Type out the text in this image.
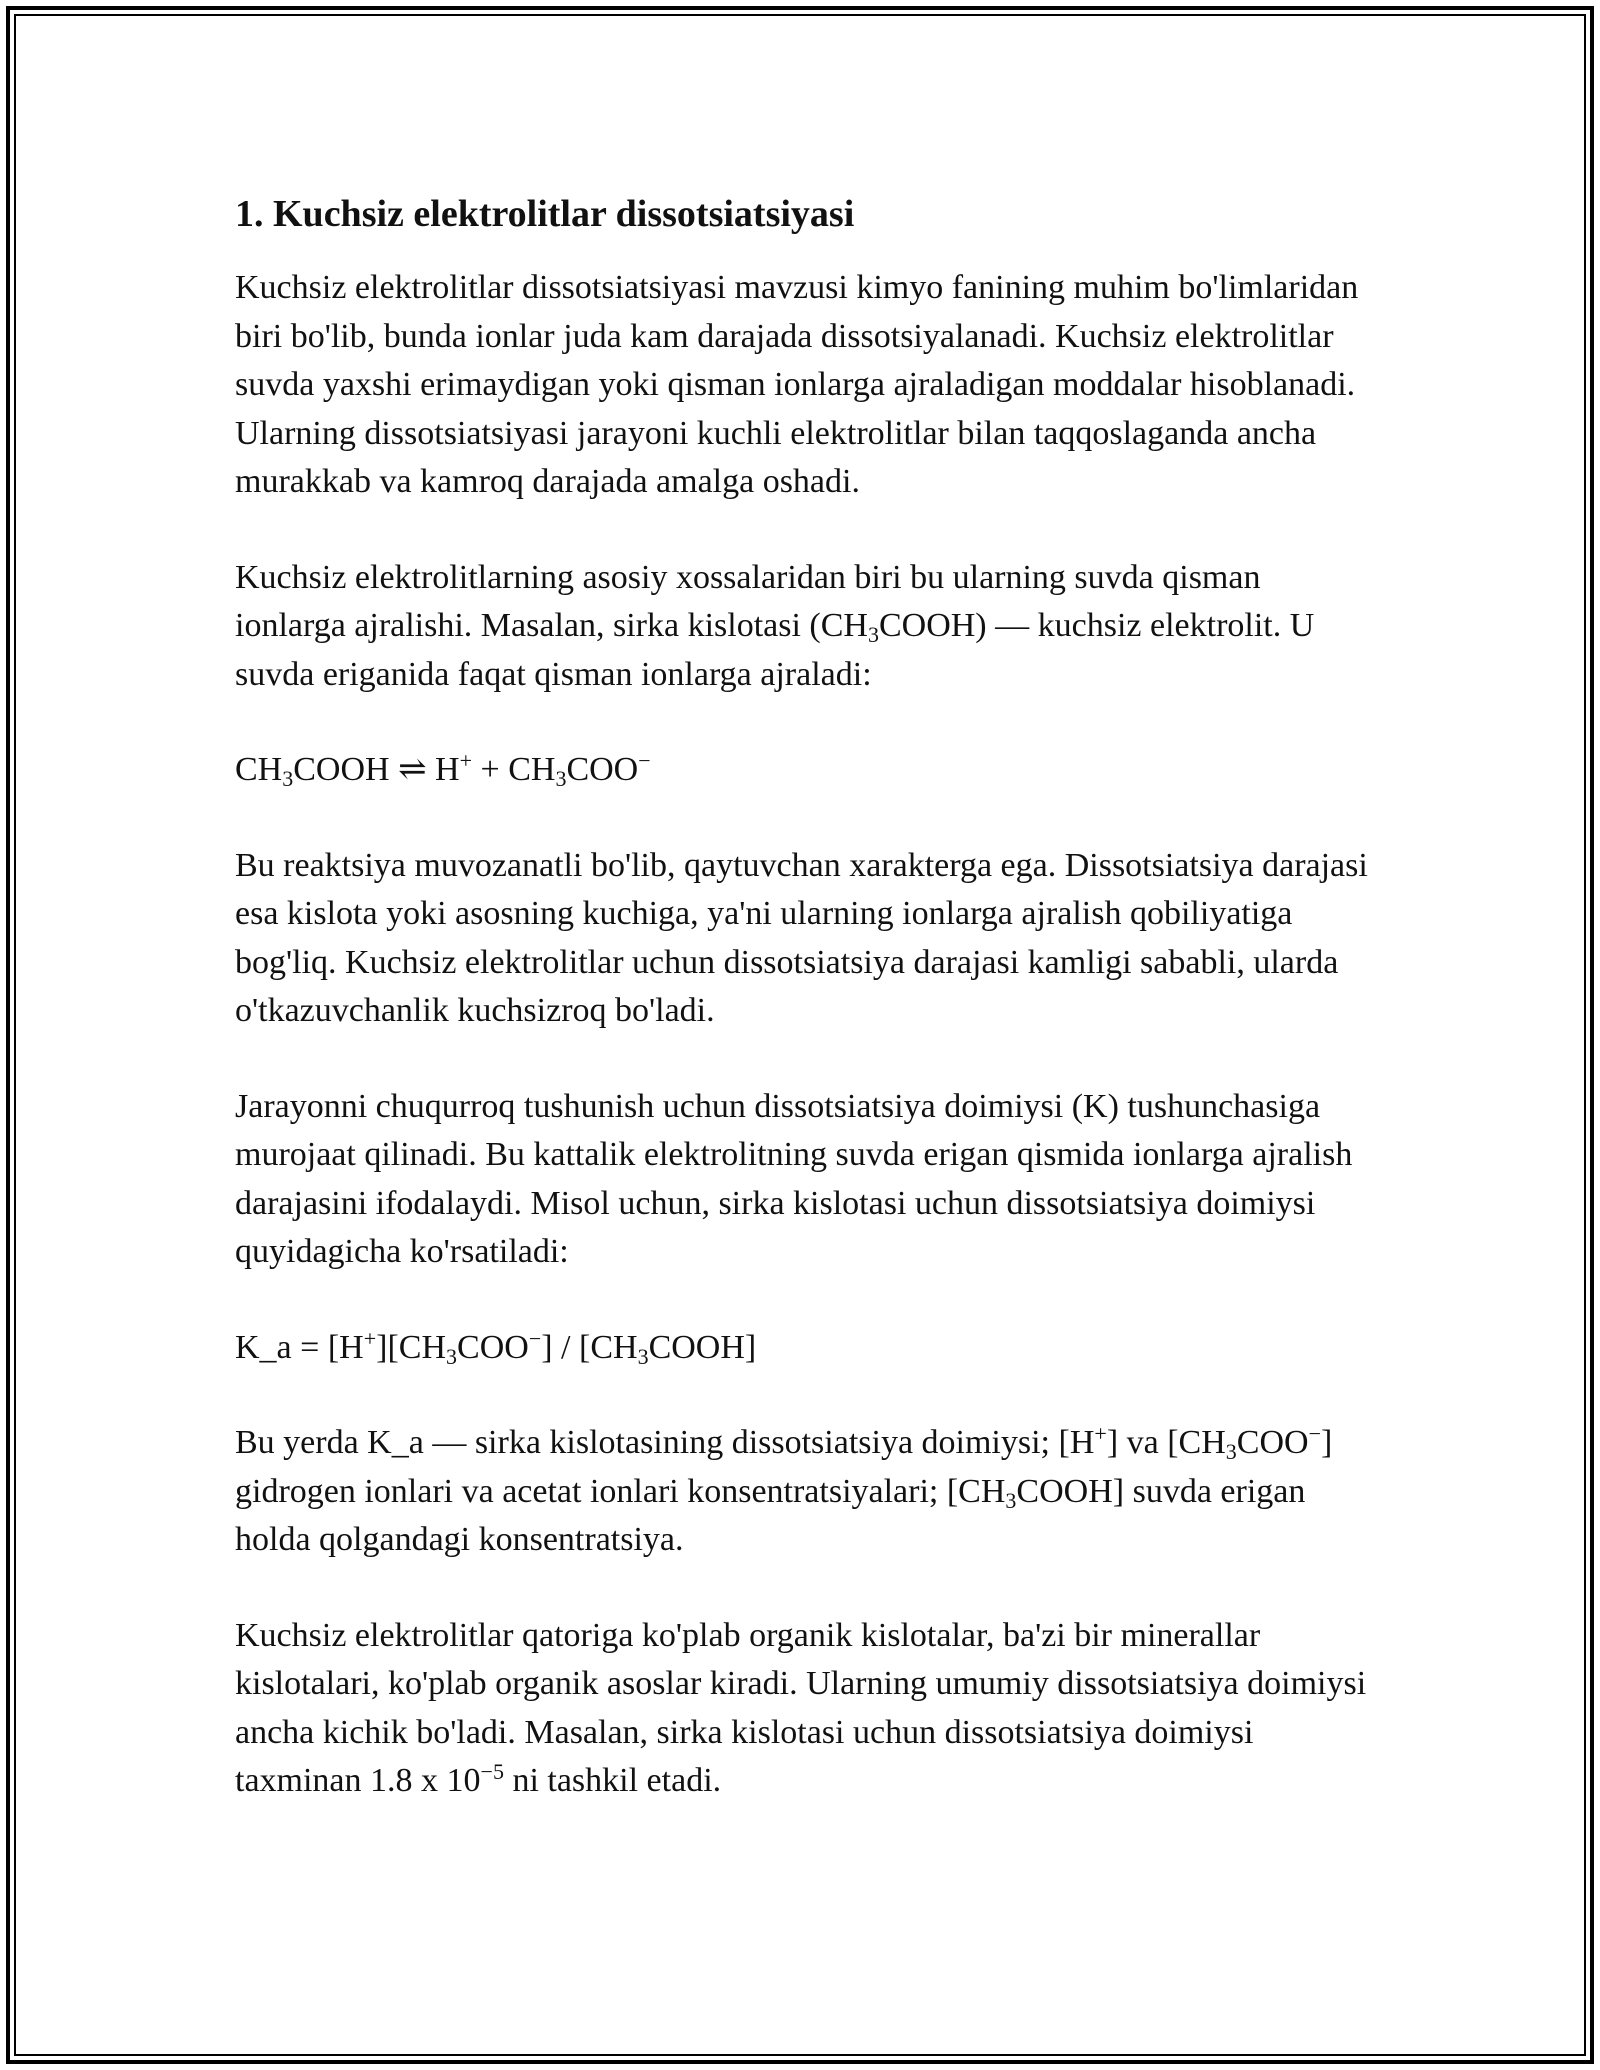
1. Kuchsiz elektrolitlar dissotsiatsiyasi

Kuchsiz elektrolitlar dissotsiatsiyasi mavzusi kimyo fanining muhim bo'limlaridan biri bo'lib, bunda ionlar juda kam darajada dissotsiyalanadi. Kuchsiz elektrolitlar suvda yaxshi erimaydigan yoki qisman ionlarga ajraladigan moddalar hisoblanadi. Ularning dissotsiatsiyasi jarayoni kuchli elektrolitlar bilan taqqoslaganda ancha murakkab va kamroq darajada amalga oshadi.

Kuchsiz elektrolitlarning asosiy xossalaridan biri bu ularning suvda qisman ionlarga ajralishi. Masalan, sirka kislotasi $(CH_3COOH)$ — kuchsiz elektrolit. U suvda eriganida faqat qisman ionlarga ajraladi:

$CH_3COOH$ ⇌ $H^+ + CH_3COO^-$

Bu reaktsiya muvozanatli bo'lib, qaytuvchan xarakterga ega. Dissotsiatsiya darajasi esa kislota yoki asosning kuchiga, ya'ni ularning ionlarga ajralish qobiliyatiga bog'liq. Kuchsiz elektrolitlar uchun dissotsiatsiya darajasi kamligi sababli, ularda o'tkazuvchanlik kuchsizroq bo'ladi.

Jarayonni chuqurroq tushunish uchun dissotsiatsiya doimiysi (K) tushunchasiga murojaat qilinadi. Bu kattalik elektrolitning suvda erigan qismida ionlarga ajralish darajasini ifodalaydi. Misol uchun, sirka kislotasi uchun dissotsiatsiya doimiysi quyidagicha ko'rsatiladi:

K_a = $[H^+][CH_3COO^-]$ / $[CH_3COOH]$

Bu yerda K_a — sirka kislotasining dissotsiatsiya doimiysi; [H+] va $[CH_3COO^-]$ gidrogen ionlari va acetat ionlari konsentratsiyalari; $[CH_3COOH]$ suvda erigan holda qolgandagi konsentratsiya.

Kuchsiz elektrolitlar qatoriga ko'plab organik kislotalar, ba'zi bir minerallar kislotalari, ko'plab organik asoslar kiradi. Ularning umumiy dissotsiatsiya doimiysi ancha kichik bo'ladi. Masalan, sirka kislotasi uchun dissotsiatsiya doimiysi taxminan 1.8 x $10^{-5}$ ni tashkil etadi.
